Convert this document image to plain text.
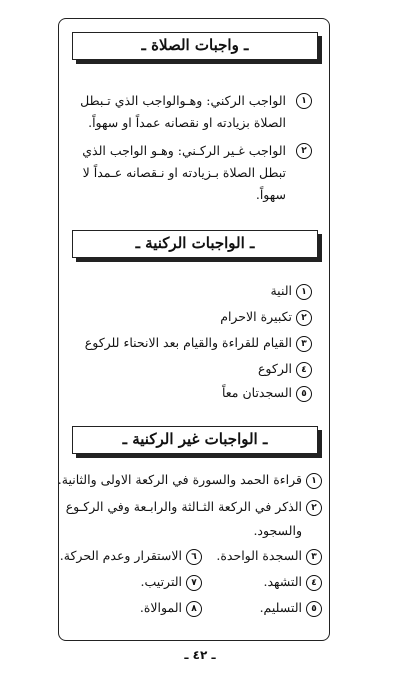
ـ واجبات الصلاة ـ
١
الواجب الركني: وهـوالواجب الذي تـبطل الصلاة بزيادته او نقصانه عمداً او سهواً.
٢
الواجب غـير الركـني: وهـو الواجب الذي تبطل الصلاة بـزيادته او نـقصانه عـمداً لا سهواً.
ـ الواجبات الركنية ـ
١النية
٢تكبيرة الاحرام
٣القيام للقراءة والقيام بعد الانحناء للركوع
٤الركوع
٥السجدتان معاً
ـ الواجبات غير الركنية ـ
١قراءة الحمد والسورة في الركعة الاولى والثانية.
٢الذكر في الركعة الثـالثة والرابـعة وفي الركـوع
والسجود.
٣السجدة الواحدة.
٦الاستقرار وعدم الحركة.
٤التشهد.
٧الترتيب.
٥التسليم.
٨الموالاة.
ـ ٤٢ ـ
